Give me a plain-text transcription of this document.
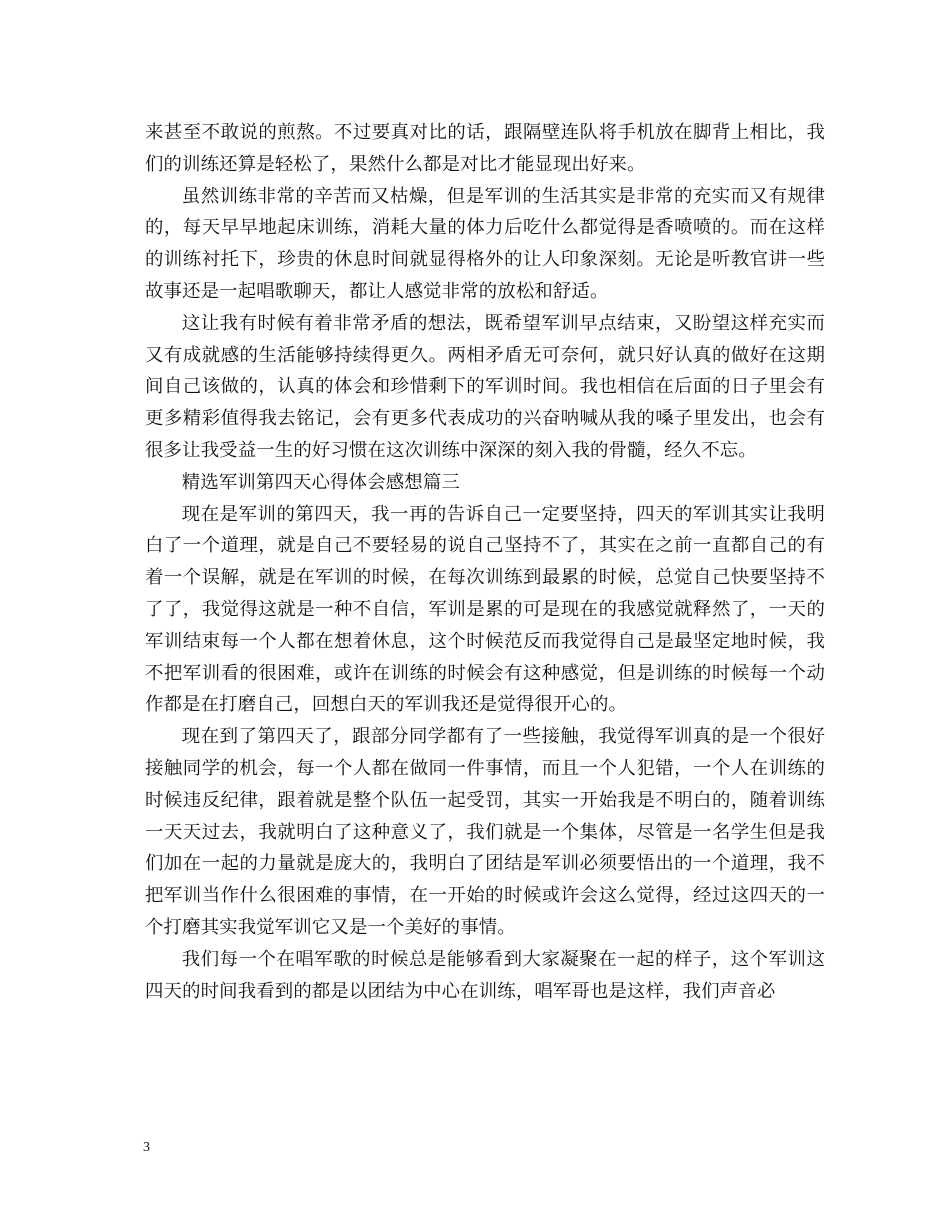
来甚至不敢说的煎熬。不过要真对比的话，跟隔壁连队将手机放在脚背上相比，我们的训练还算是轻松了，果然什么都是对比才能显现出好来。

虽然训练非常的辛苦而又枯燥，但是军训的生活其实是非常的充实而又有规律的，每天早早地起床训练，消耗大量的体力后吃什么都觉得是香喷喷的。而在这样的训练衬托下，珍贵的休息时间就显得格外的让人印象深刻。无论是听教官讲一些故事还是一起唱歌聊天，都让人感觉非常的放松和舒适。

这让我有时候有着非常矛盾的想法，既希望军训早点结束，又盼望这样充实而又有成就感的生活能够持续得更久。两相矛盾无可奈何，就只好认真的做好在这期间自己该做的，认真的体会和珍惜剩下的军训时间。我也相信在后面的日子里会有更多精彩值得我去铭记，会有更多代表成功的兴奋呐喊从我的嗓子里发出，也会有很多让我受益一生的好习惯在这次训练中深深的刻入我的骨髓，经久不忘。

精选军训第四天心得体会感想篇三

现在是军训的第四天，我一再的告诉自己一定要坚持，四天的军训其实让我明白了一个道理，就是自己不要轻易的说自己坚持不了，其实在之前一直都自己的有着一个误解，就是在军训的时候，在每次训练到最累的时候，总觉自己快要坚持不了了，我觉得这就是一种不自信，军训是累的可是现在的我感觉就释然了，一天的军训结束每一个人都在想着休息，这个时候范反而我觉得自己是最坚定地时候，我不把军训看的很困难，或许在训练的时候会有这种感觉，但是训练的时候每一个动作都是在打磨自己，回想白天的军训我还是觉得很开心的。

现在到了第四天了，跟部分同学都有了一些接触，我觉得军训真的是一个很好接触同学的机会，每一个人都在做同一件事情，而且一个人犯错，一个人在训练的时候违反纪律，跟着就是整个队伍一起受罚，其实一开始我是不明白的，随着训练一天天过去，我就明白了这种意义了，我们就是一个集体，尽管是一名学生但是我们加在一起的力量就是庞大的，我明白了团结是军训必须要悟出的一个道理，我不把军训当作什么很困难的事情，在一开始的时候或许会这么觉得，经过这四天的一个打磨其实我觉军训它又是一个美好的事情。

我们每一个在唱军歌的时候总是能够看到大家凝聚在一起的样子，这个军训这四天的时间我看到的都是以团结为中心在训练，唱军哥也是这样，我们声音必

3
